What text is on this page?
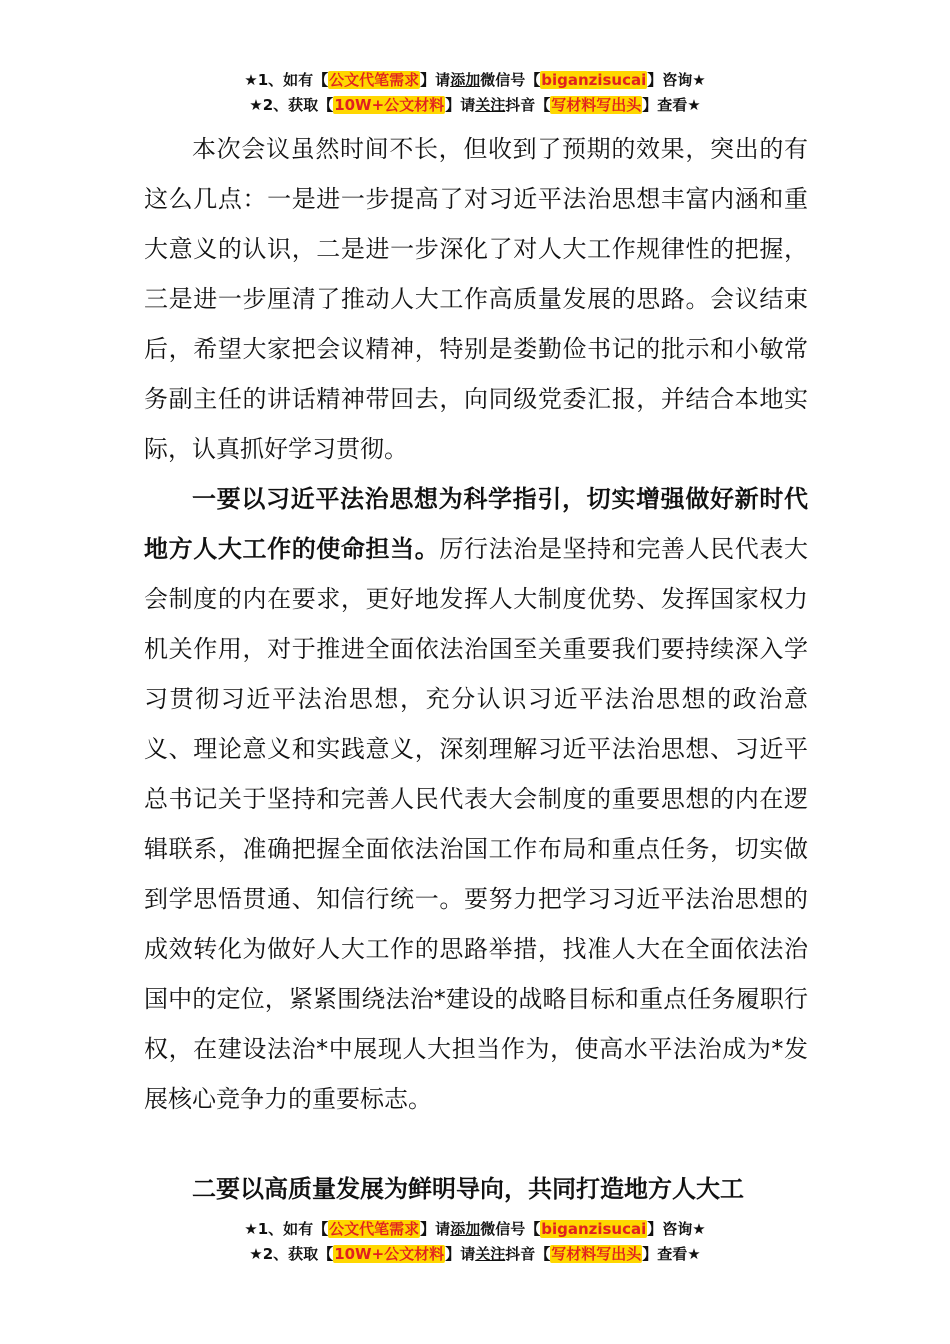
★1、如有【公文代笔需求】请添加微信号【biganzisucai】咨询★
★2、获取【10W+公文材料】请关注抖音【写材料写出头】查看★

本次会议虽然时间不长，但收到了预期的效果，突出的有这么几点：一是进一步提高了对习近平法治思想丰富内涵和重大意义的认识，二是进一步深化了对人大工作规律性的把握，三是进一步厘清了推动人大工作高质量发展的思路。会议结束后，希望大家把会议精神，特别是娄勤俭书记的批示和小敏常务副主任的讲话精神带回去，向同级党委汇报，并结合本地实际，认真抓好学习贯彻。

一要以习近平法治思想为科学指引，切实增强做好新时代地方人大工作的使命担当。厉行法治是坚持和完善人民代表大会制度的内在要求，更好地发挥人大制度优势、发挥国家权力机关作用，对于推进全面依法治国至关重要我们要持续深入学习贯彻习近平法治思想，充分认识习近平法治思想的政治意义、理论意义和实践意义，深刻理解习近平法治思想、习近平总书记关于坚持和完善人民代表大会制度的重要思想的内在逻辑联系，准确把握全面依法治国工作布局和重点任务，切实做到学思悟贯通、知信行统一。要努力把学习习近平法治思想的成效转化为做好人大工作的思路举措，找准人大在全面依法治国中的定位，紧紧围绕法治*建设的战略目标和重点任务履职行权，在建设法治*中展现人大担当作为，使高水平法治成为*发展核心竞争力的重要标志。

二要以高质量发展为鲜明导向，共同打造地方人大工

★1、如有【公文代笔需求】请添加微信号【biganzisucai】咨询★
★2、获取【10W+公文材料】请关注抖音【写材料写出头】查看★
